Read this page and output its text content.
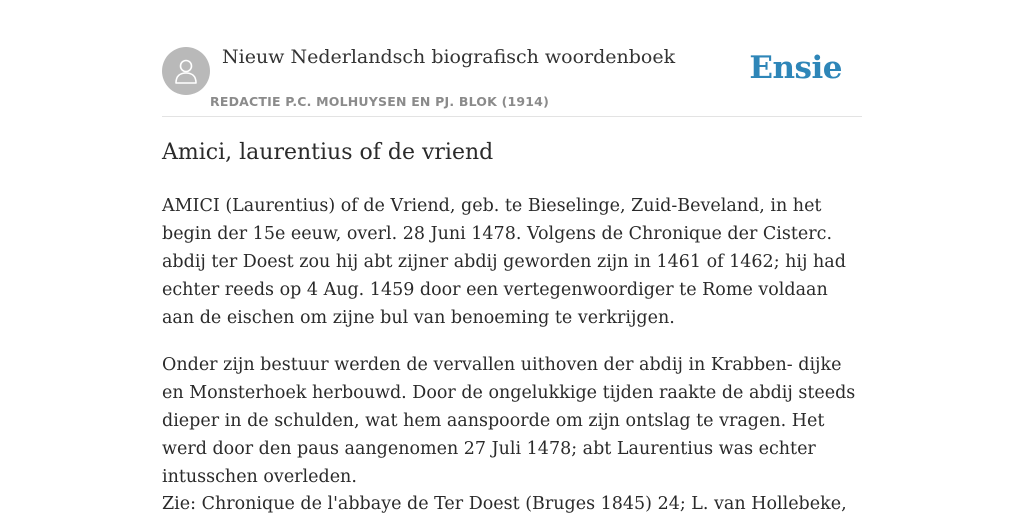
Nieuw Nederlandsch biografisch woordenboek
REDACTIE P.C. MOLHUYSEN EN PJ. BLOK (1914)
Ensie
Amici, laurentius of de vriend

AMICI (Laurentius) of de Vriend, geb. te Bieselinge, Zuid-Beveland, in het begin der 15e eeuw, overl. 28 Juni 1478. Volgens de Chronique der Cisterc. abdij ter Doest zou hij abt zijner abdij geworden zijn in 1461 of 1462; hij had echter reeds op 4 Aug. 1459 door een vertegenwoordiger te Rome voldaan aan de eischen om zijne bul van benoeming te verkrijgen.

Onder zijn bestuur werden de vervallen uithoven der abdij in Krabben- dijke en Monsterhoek herbouwd. Door de ongelukkige tijden raakte de abdij steeds dieper in de schulden, wat hem aanspoorde om zijn ontslag te vragen. Het werd door den paus aangenomen 27 Juli 1478; abt Laurentius was echter intusschen overleden.

Zie: Chronique de l'abbaye de Ter Doest (Bruges 1845) 24; L. van Hollebeke,
